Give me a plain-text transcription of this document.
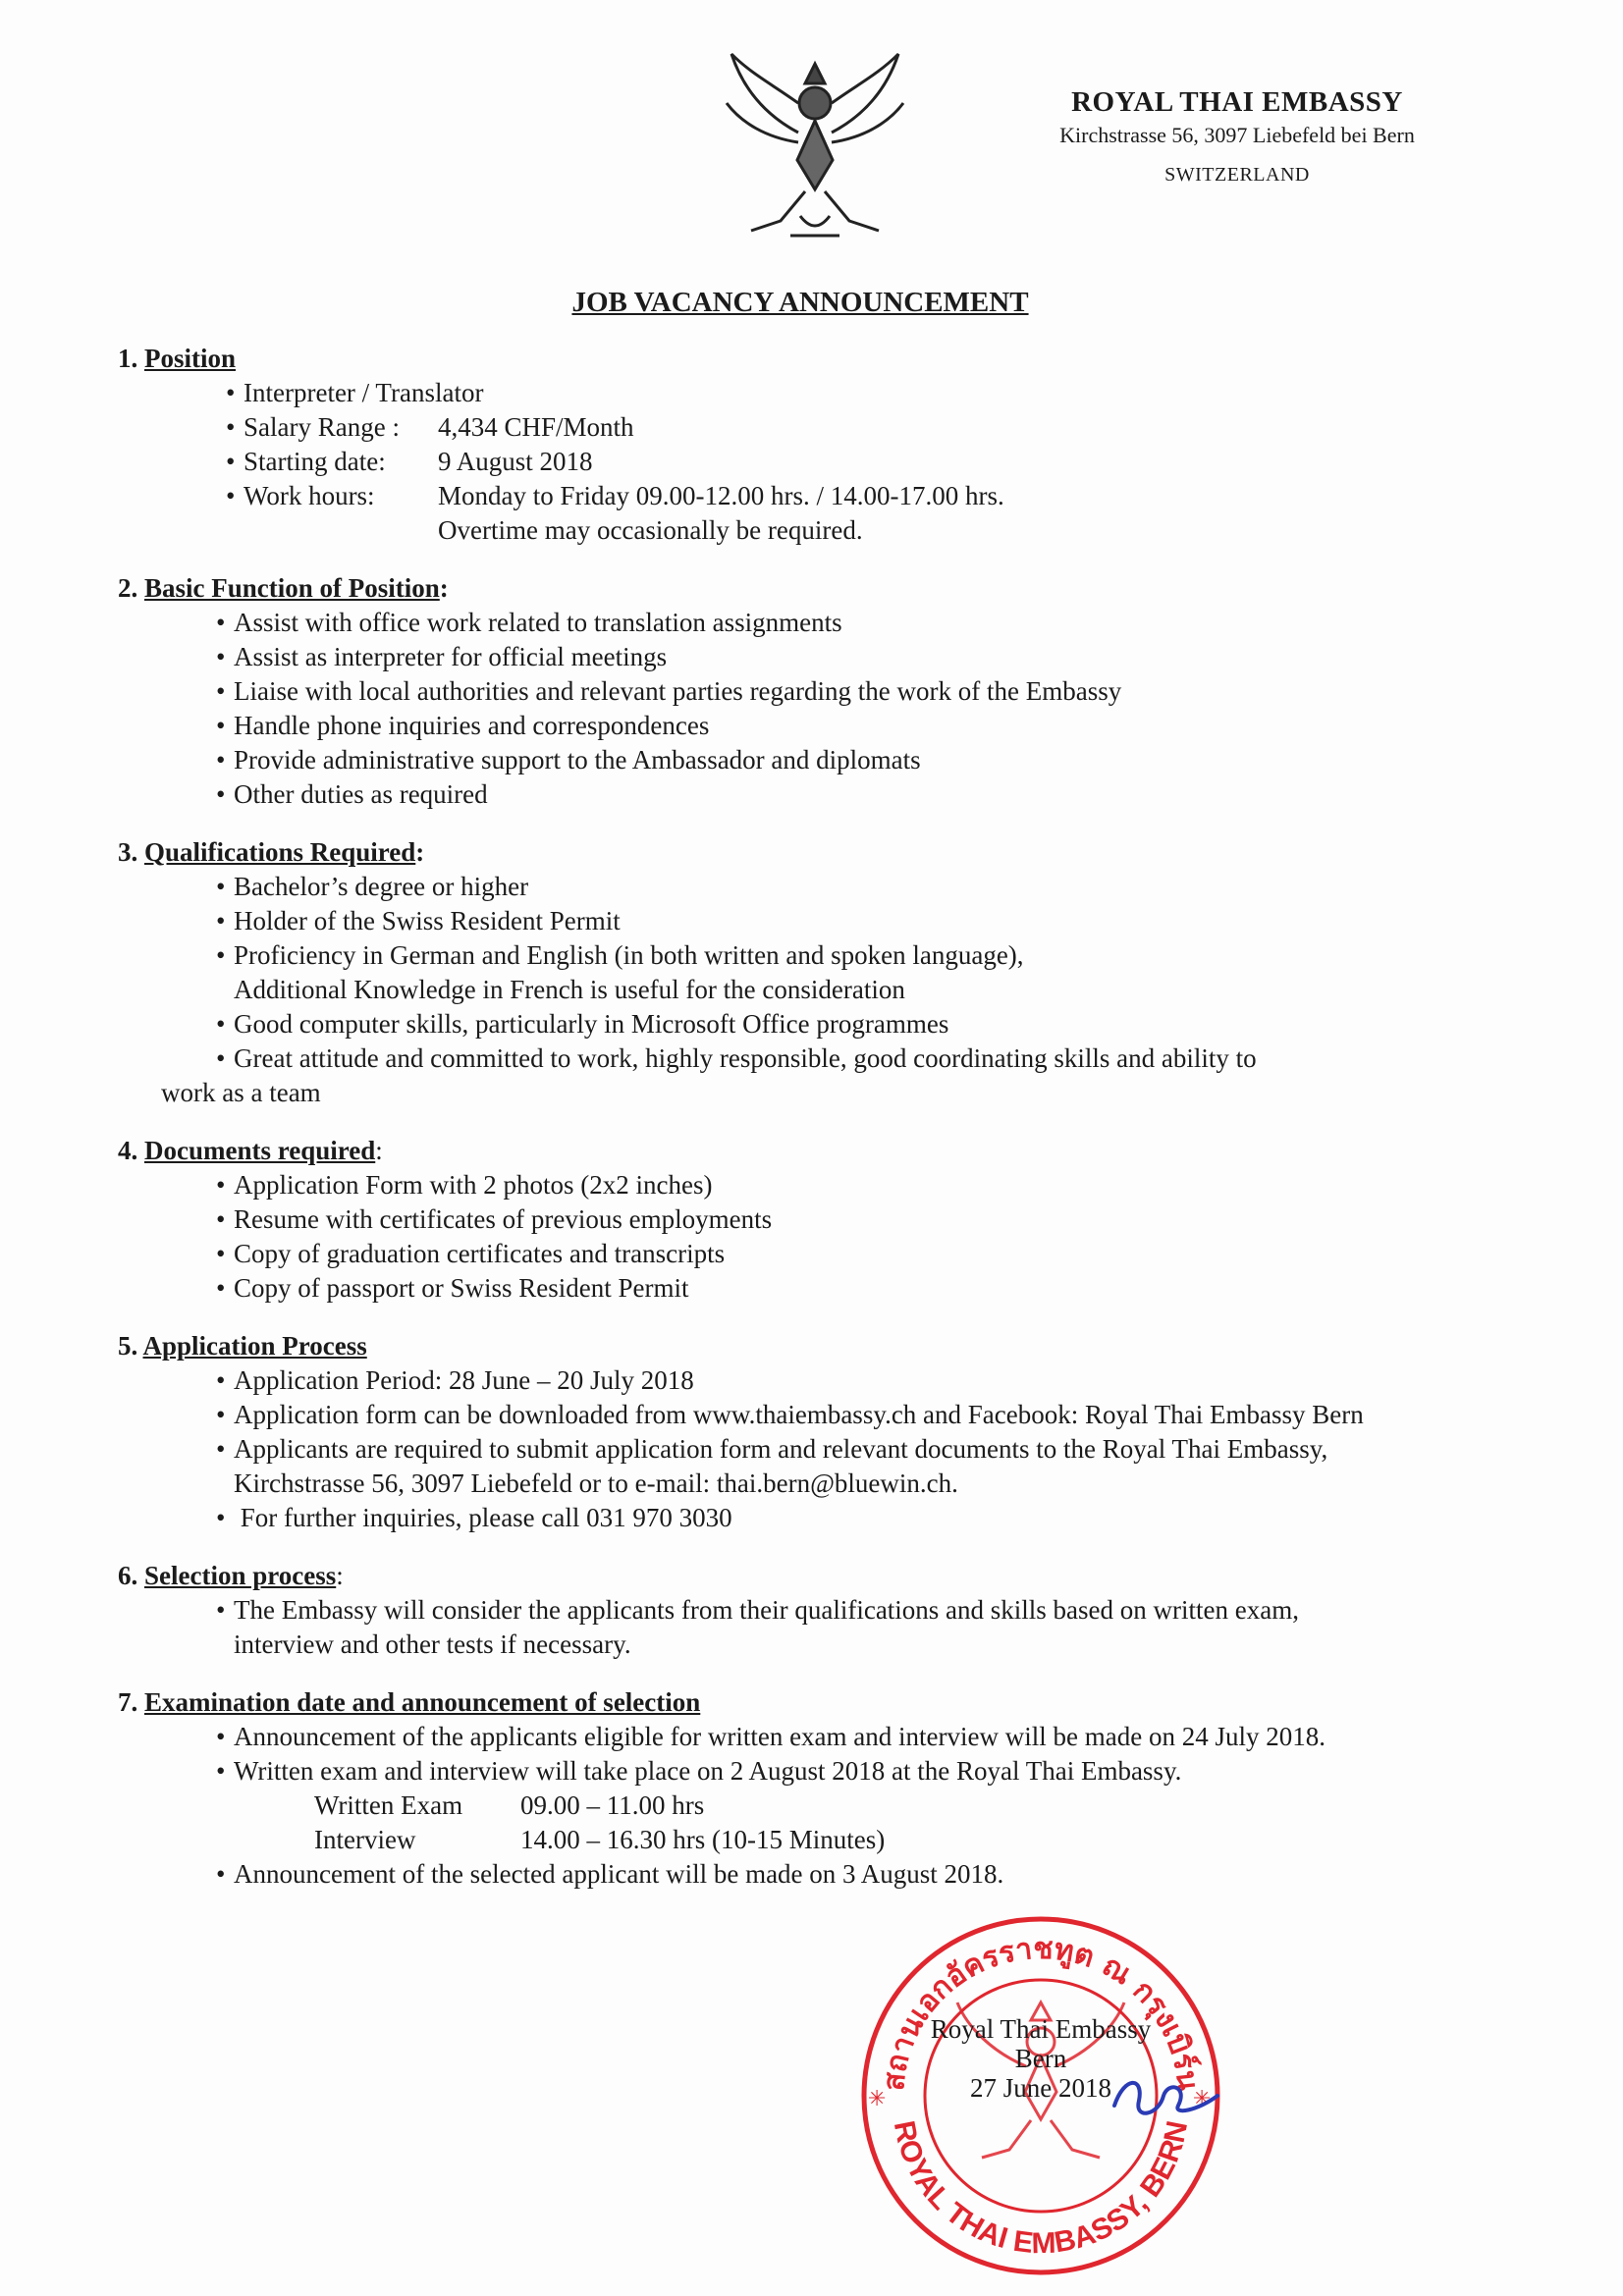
ROYAL THAI EMBASSY
Kirchstrasse 56, 3097 Liebefeld bei Bern
SWITZERLAND
JOB VACANCY ANNOUNCEMENT
1. Position
• Interpreter / Translator
• Salary Range : 4,434 CHF/Month
• Starting date: 9 August 2018
• Work hours: Monday to Friday 09.00-12.00 hrs. / 14.00-17.00 hrs.
Overtime may occasionally be required.
2. Basic Function of Position:
• Assist with office work related to translation assignments
• Assist as interpreter for official meetings
• Liaise with local authorities and relevant parties regarding the work of the Embassy
• Handle phone inquiries and correspondences
• Provide administrative support to the Ambassador and diplomats
• Other duties as required
3. Qualifications Required:
• Bachelor’s degree or higher
• Holder of the Swiss Resident Permit
• Proficiency in German and English (in both written and spoken language),
Additional Knowledge in French is useful for the consideration
• Good computer skills, particularly in Microsoft Office programmes
• Great attitude and committed to work, highly responsible, good coordinating skills and ability to
work as a team
4. Documents required:
• Application Form with 2 photos (2x2 inches)
• Resume with certificates of previous employments
• Copy of graduation certificates and transcripts
• Copy of passport or Swiss Resident Permit
5. Application Process
• Application Period: 28 June – 20 July 2018
• Application form can be downloaded from www.thaiembassy.ch and Facebook: Royal Thai Embassy Bern
• Applicants are required to submit application form and relevant documents to the Royal Thai Embassy,
Kirchstrasse 56, 3097 Liebefeld or to e-mail: thai.bern@bluewin.ch.
• For further inquiries, please call 031 970 3030
6. Selection process:
• The Embassy will consider the applicants from their qualifications and skills based on written exam,
interview and other tests if necessary.
7. Examination date and announcement of selection
• Announcement of the applicants eligible for written exam and interview will be made on 24 July 2018.
• Written exam and interview will take place on 2 August 2018 at the Royal Thai Embassy.
Written Exam 09.00 – 11.00 hrs
Interview	14.00 – 16.30 hrs (10-15 Minutes)
• Announcement of the selected applicant will be made on 3 August 2018.
สถานเอกอัครราชทูต ณ กรุงเบิร์น
ROYAL THAI EMBASSY, BERN
✳	✳
Royal Thai Embassy
Bern
27 June 2018
